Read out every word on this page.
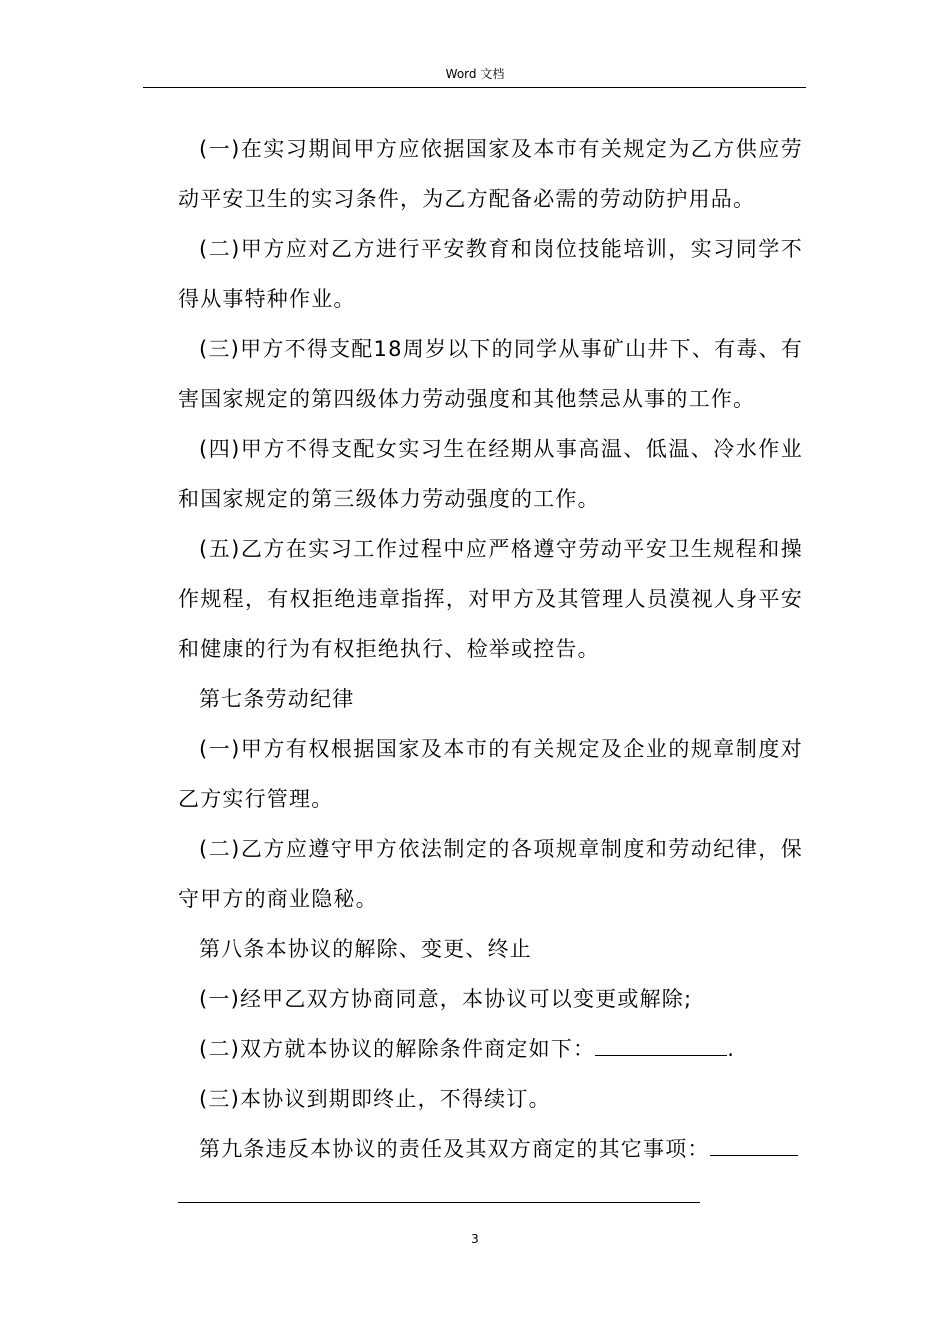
Word 文档

(一)在实习期间甲方应依据国家及本市有关规定为乙方供应劳动平安卫生的实习条件，为乙方配备必需的劳动防护用品。

(二)甲方应对乙方进行平安教育和岗位技能培训，实习同学不得从事特种作业。

(三)甲方不得支配18周岁以下的同学从事矿山井下、有毒、有害国家规定的第四级体力劳动强度和其他禁忌从事的工作。

(四)甲方不得支配女实习生在经期从事高温、低温、冷水作业和国家规定的第三级体力劳动强度的工作。

(五)乙方在实习工作过程中应严格遵守劳动平安卫生规程和操作规程，有权拒绝违章指挥，对甲方及其管理人员漠视人身平安和健康的行为有权拒绝执行、检举或控告。

第七条劳动纪律

(一)甲方有权根据国家及本市的有关规定及企业的规章制度对乙方实行管理。

(二)乙方应遵守甲方依法制定的各项规章制度和劳动纪律，保守甲方的商业隐秘。

第八条本协议的解除、变更、终止

(一)经甲乙双方协商同意，本协议可以变更或解除;

(二)双方就本协议的解除条件商定如下：	.

(三)本协议到期即终止，不得续订。

第九条违反本协议的责任及其双方商定的其它事项：

3
